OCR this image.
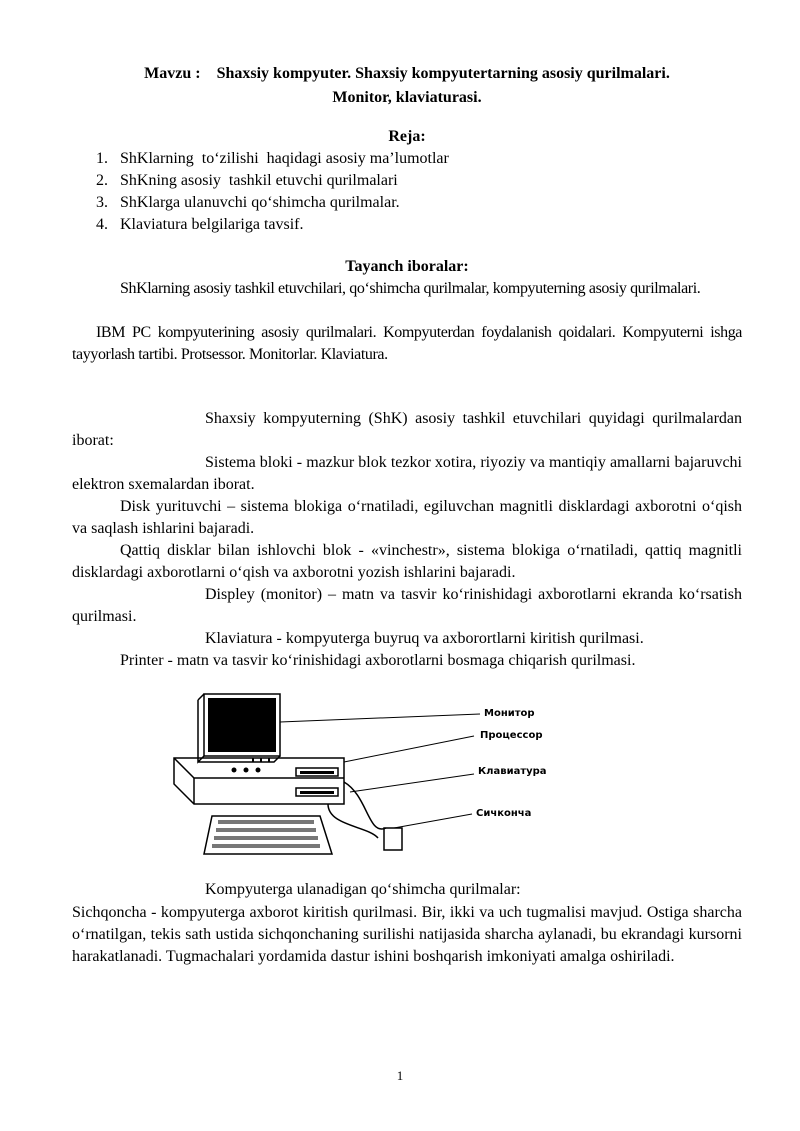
Mavzu :    Shaxsiy kompyuter. Shaxsiy kompyutertarning asosiy qurilmalari.
Monitor, klaviaturasi.
Reja:
1. ShKlarning  to‘zilishi  haqidagi asosiy ma’lumotlar
2. ShKning asosiy  tashkil etuvchi qurilmalari
3. ShKlarga ulanuvchi qo‘shimcha qurilmalar.
4. Klaviatura belgilariga tavsif.
Tayanch iboralar:
ShKlarning asosiy tashkil etuvchilari, qo‘shimcha qurilmalar, kompyuterning asosiy qurilmalari.
IBM PC kompyuterining asosiy qurilmalari. Kompyuterdan foydalanish qoidalari. Kompyuterni ishga tayyorlash tartibi. Protsessor. Monitorlar. Klaviatura.
Shaxsiy kompyuterning (ShK) asosiy tashkil etuvchilari quyidagi qurilmalardan iborat:
Sistema bloki - mazkur blok tezkor xotira, riyoziy va mantiqiy amallarni bajaruvchi elektron sxemalardan iborat.
Disk yurituvchi – sistema blokiga o‘rnatiladi, egiluvchan magnitli disklardagi axborotni o‘qish va saqlash ishlarini bajaradi.
Qattiq disklar bilan ishlovchi blok - «vinchestr», sistema blokiga o‘rnatiladi, qattiq magnitli disklardagi axborotlarni o‘qish va axborotni yozish ishlarini bajaradi.
Displey (monitor) – matn va tasvir ko‘rinishidagi axborotlarni ekranda ko‘rsatish qurilmasi.
Klaviatura - kompyuterga buyruq va axborortlarni kiritish qurilmasi.
Printer - matn va tasvir ko‘rinishidagi axborotlarni bosmaga chiqarish qurilmasi.
Kompyuterga ulanadigan qo‘shimcha qurilmalar:
Sichqoncha - kompyuterga axborot kiritish qurilmasi. Bir, ikki va uch tugmalisi mavjud. Ostiga sharcha o‘rnatilgan, tekis sath ustida sichqonchaning surilishi natijasida sharcha aylanadi, bu ekrandagi kursorni harakatlanadi. Tugmachalari yordamida dastur ishini boshqarish imkoniyati amalga oshiriladi.
Монитор
Процессор
Клавиатура
Сичкончa
1
